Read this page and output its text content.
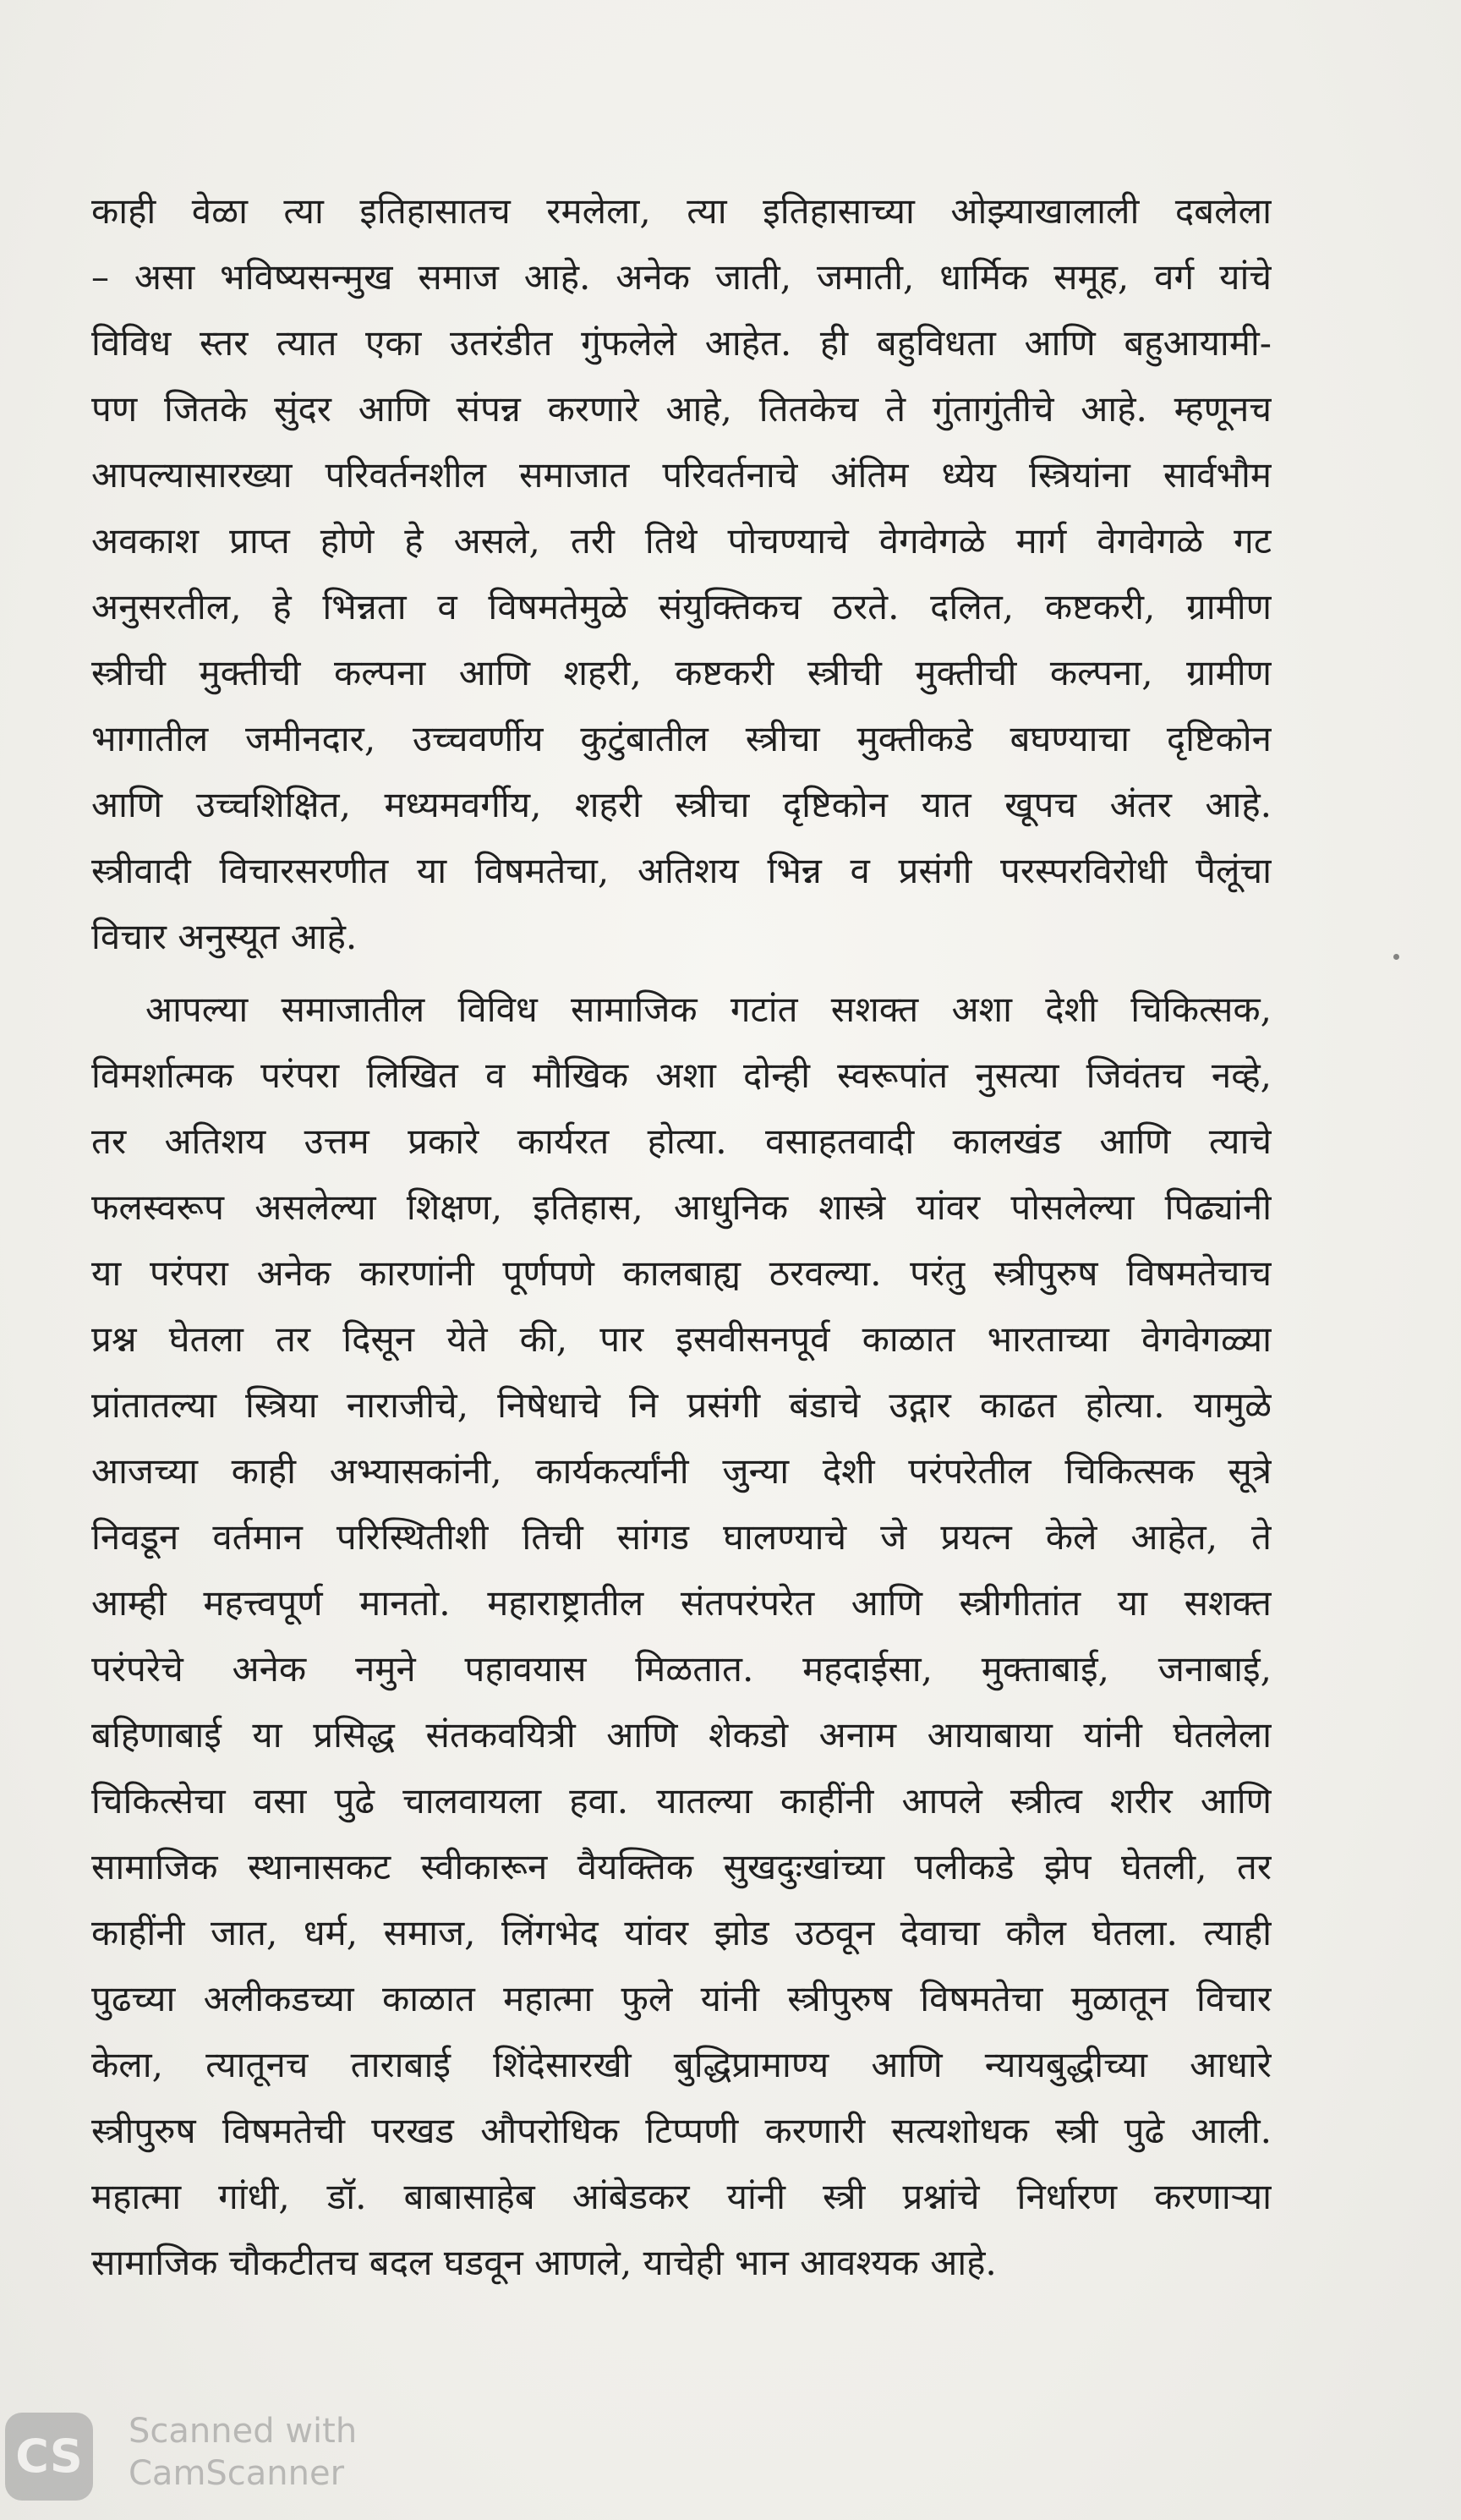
काही वेळा त्या इतिहासातच रमलेला, त्या इतिहासाच्या ओझ्याखालाली दबलेला
– असा भविष्यसन्मुख समाज आहे. अनेक जाती, जमाती, धार्मिक समूह, वर्ग यांचे
विविध स्तर त्यात एका उतरंडीत गुंफलेले आहेत. ही बहुविधता आणि बहुआयामी-
पण जितके सुंदर आणि संपन्न करणारे आहे, तितकेच ते गुंतागुंतीचे आहे. म्हणूनच
आपल्यासारख्या परिवर्तनशील समाजात परिवर्तनाचे अंतिम ध्येय स्त्रियांना सार्वभौम
अवकाश प्राप्त होणे हे असले, तरी तिथे पोचण्याचे वेगवेगळे मार्ग वेगवेगळे गट
अनुसरतील, हे भिन्नता व विषमतेमुळे संयुक्तिकच ठरते. दलित, कष्टकरी, ग्रामीण
स्त्रीची मुक्तीची कल्पना आणि शहरी, कष्टकरी स्त्रीची मुक्तीची कल्पना, ग्रामीण
भागातील जमीनदार, उच्चवर्णीय कुटुंबातील स्त्रीचा मुक्तीकडे बघण्याचा दृष्टिकोन
आणि उच्चशिक्षित, मध्यमवर्गीय, शहरी स्त्रीचा दृष्टिकोन यात खूपच अंतर आहे.
स्त्रीवादी विचारसरणीत या विषमतेचा, अतिशय भिन्न व प्रसंगी परस्परविरोधी पैलूंचा
विचार अनुस्यूत आहे.
आपल्या समाजातील विविध सामाजिक गटांत सशक्त अशा देशी चिकित्सक,
विमर्शात्मक परंपरा लिखित व मौखिक अशा दोन्ही स्वरूपांत नुसत्या जिवंतच नव्हे,
तर अतिशय उत्तम प्रकारे कार्यरत होत्या. वसाहतवादी कालखंड आणि त्याचे
फलस्वरूप असलेल्या शिक्षण, इतिहास, आधुनिक शास्त्रे यांवर पोसलेल्या पिढ्यांनी
या परंपरा अनेक कारणांनी पूर्णपणे कालबाह्य ठरवल्या. परंतु स्त्रीपुरुष विषमतेचाच
प्रश्न घेतला तर दिसून येते की, पार इसवीसनपूर्व काळात भारताच्या वेगवेगळ्या
प्रांतातल्या स्त्रिया नाराजीचे, निषेधाचे नि प्रसंगी बंडाचे उद्गार काढत होत्या. यामुळे
आजच्या काही अभ्यासकांनी, कार्यकर्त्यांनी जुन्या देशी परंपरेतील चिकित्सक सूत्रे
निवडून वर्तमान परिस्थितीशी तिची सांगड घालण्याचे जे प्रयत्न केले आहेत, ते
आम्ही महत्त्वपूर्ण मानतो. महाराष्ट्रातील संतपरंपरेत आणि स्त्रीगीतांत या सशक्त
परंपरेचे अनेक नमुने पहावयास मिळतात. महदाईसा, मुक्ताबाई, जनाबाई,
बहिणाबाई या प्रसिद्ध संतकवयित्री आणि शेकडो अनाम आयाबाया यांनी घेतलेला
चिकित्सेचा वसा पुढे चालवायला हवा. यातल्या काहींनी आपले स्त्रीत्व शरीर आणि
सामाजिक स्थानासकट स्वीकारून वैयक्तिक सुखदुःखांच्या पलीकडे झेप घेतली, तर
काहींनी जात, धर्म, समाज, लिंगभेद यांवर झोड उठवून देवाचा कौल घेतला. त्याही
पुढच्या अलीकडच्या काळात महात्मा फुले यांनी स्त्रीपुरुष विषमतेचा मुळातून विचार
केला, त्यातूनच ताराबाई शिंदेसारखी बुद्धिप्रामाण्य आणि न्यायबुद्धीच्या आधारे
स्त्रीपुरुष विषमतेची परखड औपरोधिक टिप्पणी करणारी सत्यशोधक स्त्री पुढे आली.
महात्मा गांधी, डॉ. बाबासाहेब आंबेडकर यांनी स्त्री प्रश्नांचे निर्धारण करणाऱ्या
सामाजिक चौकटीतच बदल घडवून आणले, याचेही भान आवश्यक आहे.
CS	Scanned with
CamScanner
